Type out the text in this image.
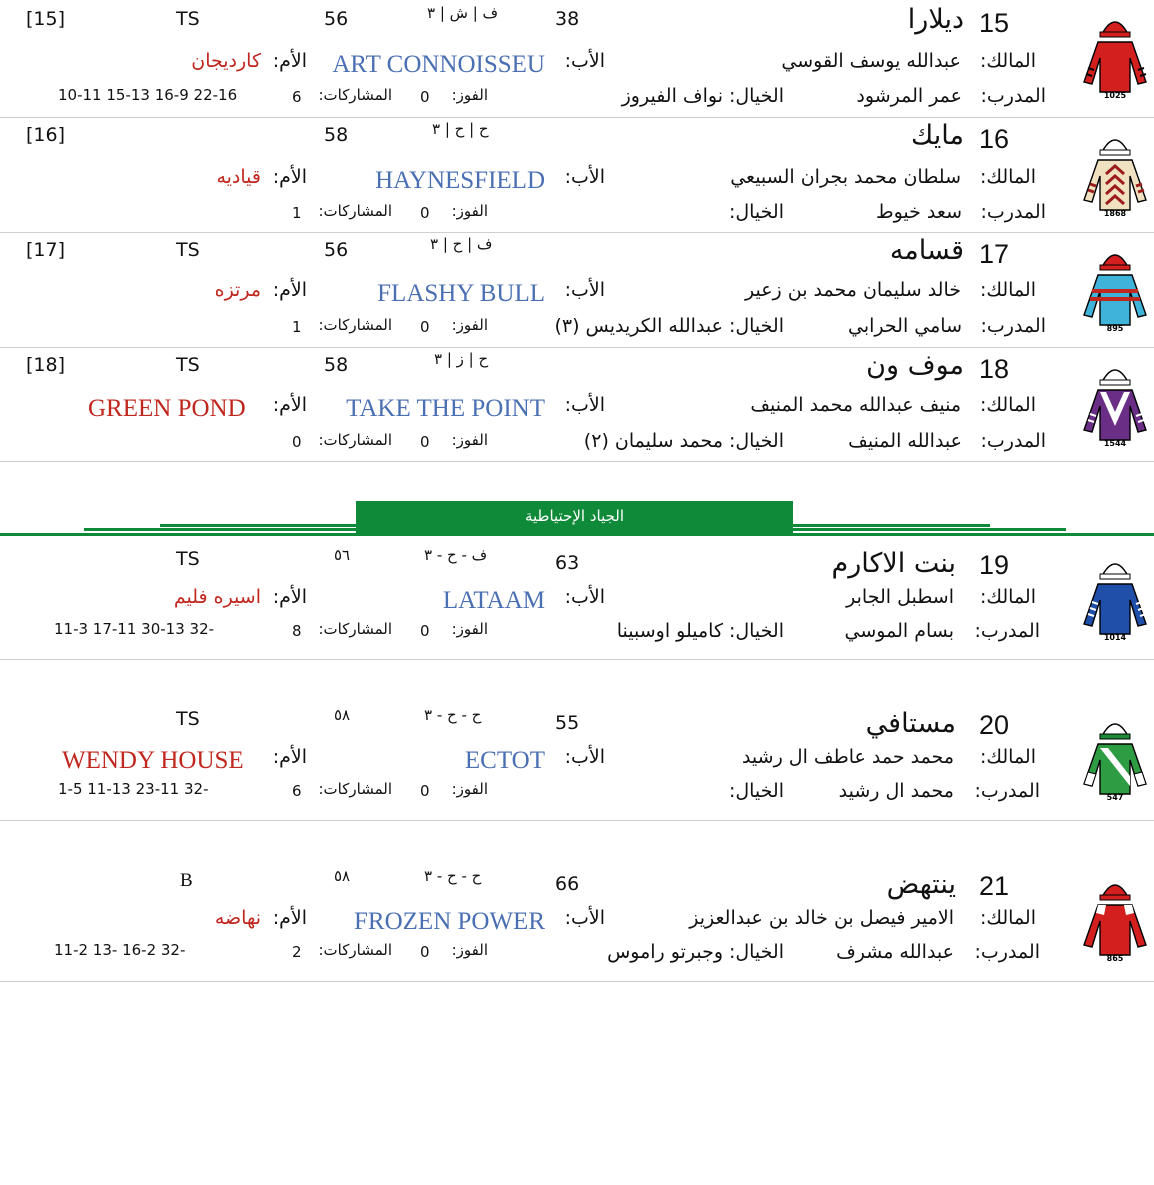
[15]	TS	56	ف | ش | ٣	38	ديلارا 15
المالك:
عبدالله يوسف القوسي
الأب:
ART CONNOISSEU
الأم:
كارديجان
المدرب:
عمر المرشود
الخيال:
نواف الفيروز
الفوز:
0
المشاركات:
6
10-11 15-13 16-9 22-16	1025
[16]	58	ح | ح | ٣	مايك 16
المالك:
سلطان محمد بجران السبيعي
الأب:
HAYNESFIELD
الأم:
قياديه
المدرب:
سعد خيوط
الخيال:
الفوز:
0
المشاركات:
1	1868
[17]	TS	56	ف | ح | ٣	قسامه 17
المالك:
خالد سليمان محمد بن زعير
الأب:
FLASHY BULL
الأم:
مرتزه
المدرب:
سامي الحرابي
الخيال:
عبدالله الكريديس (٣)
الفوز:
0
المشاركات:
1	895
[18]	TS	58	ح | ز | ٣	موف ون 18
المالك:
منيف عبدالله محمد المنيف
الأب:
TAKE THE POINT
الأم:
GREEN POND
المدرب:
عبدالله المنيف
الخيال:
محمد سليمان (٢)
الفوز:
0
المشاركات:
0	1544
الجياد الإحتياطية
TS	٥٦	ف - ح - ٣	63	بنت الاكارم 19
المالك:
اسطبل الجابر
الأب:
LATAAM
الأم:
اسيره فليم
المدرب:
بسام الموسي
الخيال:
كاميلو اوسبينا
الفوز:
0
المشاركات:
8
11-3 17-11 30-13 32-	1014
TS	٥٨	ح - ح - ٣	55	مستافي 20
المالك:
محمد حمد عاطف ال رشيد
الأب:
ECTOT
الأم:
WENDY HOUSE
المدرب:
محمد ال رشيد
الخيال:
الفوز:
0
المشاركات:
6
1-5 11-13 23-11 32-	547
B	٥٨	ح - ح - ٣	66	ينتهض 21
المالك:
الامير فيصل بن خالد بن عبدالعزيز
الأب:
FROZEN POWER
الأم:
نهاضه
المدرب:
عبدالله مشرف
الخيال:
وجبرتو راموس
الفوز:
0
المشاركات:
2
11-2 13- 16-2 32-	865
